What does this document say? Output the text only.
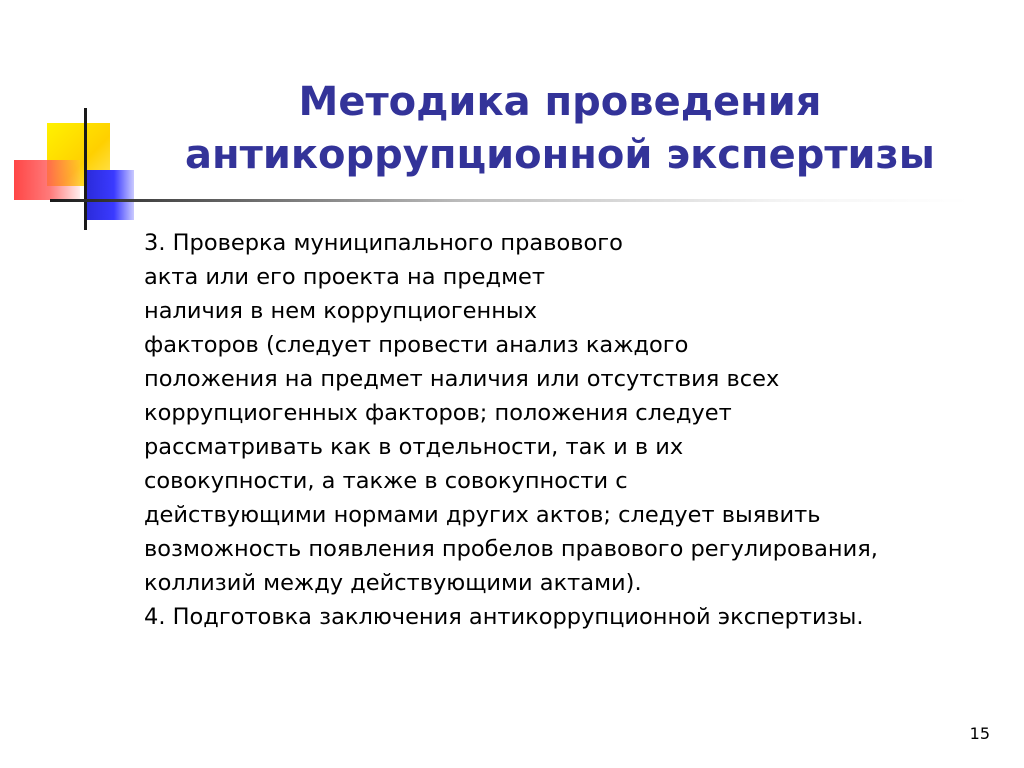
Методика проведения
антикоррупционной экспертизы
3. Проверка муниципального правового
акта или его проекта на предмет
наличия в нем коррупциогенных
факторов (следует провести анализ каждого
положения на предмет наличия или отсутствия всех
коррупциогенных факторов; положения следует
рассматривать как в отдельности, так и в их
совокупности, а также в совокупности с
действующими нормами других актов; следует выявить
возможность появления пробелов правового регулирования,
коллизий между действующими актами).
4. Подготовка заключения антикоррупционной экспертизы.
15
